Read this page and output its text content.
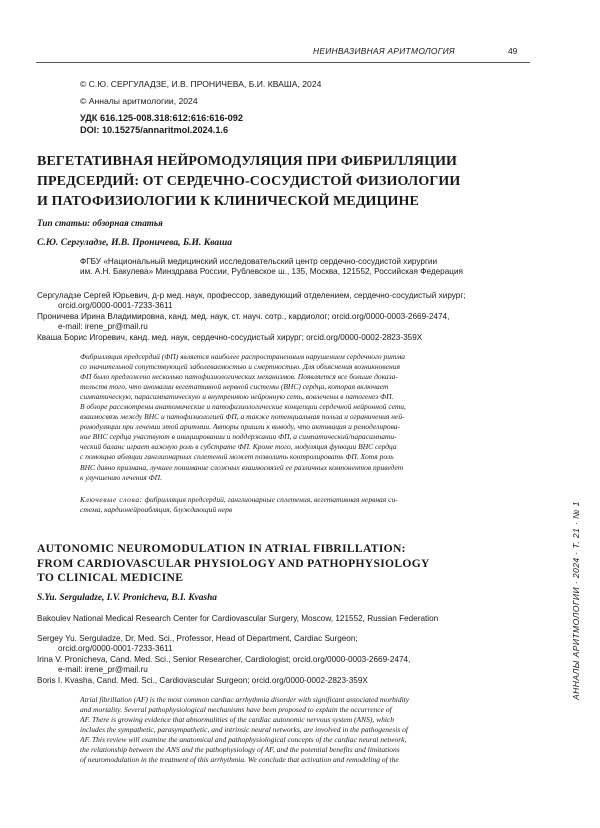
НЕИНВАЗИВНАЯ АРИТМОЛОГИЯ	49
© С.Ю. СЕРГУЛАДЗЕ, И.В. ПРОНИЧЕВА, Б.И. КВАША, 2024
© Анналы аритмологии, 2024
УДК 616.125-008.318:612:616:616-092
DOI: 10.15275/annaritmol.2024.1.6
ВЕГЕТАТИВНАЯ НЕЙРОМОДУЛЯЦИЯ ПРИ ФИБРИЛЛЯЦИИ
ПРЕДСЕРДИЙ: ОТ СЕРДЕЧНО-СОСУДИСТОЙ ФИЗИОЛОГИИ
И ПАТОФИЗИОЛОГИИ К КЛИНИЧЕСКОЙ МЕДИЦИНЕ
Тип статьи: обзорная статья
С.Ю. Сергуладзе, И.В. Проничева, Б.И. Кваша
ФГБУ «Национальный медицинский исследовательский центр сердечно-сосудистой хирургии
им. А.Н. Бакулева» Минздрава России, Рублевское ш., 135, Москва, 121552, Российская Федерация
Сергуладзе Сергей Юрьевич, д-р мед. наук, профессор, заведующий отделением, сердечно-сосудистый хирург;
orcid.org/0000-0001-7233-3611
Проничева Ирина Владимировна, канд. мед. наук, ст. науч. сотр., кардиолог; orcid.org/0000-0003-2669-2474,
e-mail: irene_pr@mail.ru
Кваша Борис Игоревич, канд. мед. наук, сердечно-сосудистый хирург; orcid.org/0000-0002-2823-359X
Фибрилляция предсердий (ФП) является наиболее распространенным нарушением сердечного ритма
со значительной сопутствующей заболеваемостью и смертностью. Для объяснения возникновения
ФП было предложено несколько патофизиологических механизмов. Появляется все больше доказа-
тельств того, что аномалии вегетативной нервной системы (ВНС) сердца, которая включает
симпатическую, парасимпатическую и внутреннюю нейронную сеть, вовлечены в патогенез ФП.
В обзоре рассмотрены анатомические и патофизиологические концепции сердечной нейронной сети,
взаимосвязь между ВНС и патофизиологией ФП, а также потенциальная польза и ограничения ней-
ромодуляции при лечении этой аритмии. Авторы пришли к выводу, что активация и ремоделирова-
ние ВНС сердца участвуют в инициировании и поддержании ФП, а симпатический/парасимпати-
ческий баланс играет важную роль в субстрате ФП. Кроме того, модуляция функции ВНС сердца
с помощью абляции ганглионарных сплетений может позволить контролировать ФП. Хотя роль
ВНС давно признана, лучшее понимание сложных взаимосвязей ее различных компонентов приведет
к улучшению лечения ФП.
Ключевые слова: фибрилляция предсердий, ганглионарные сплетения, вегетативная нервная си-
стема, кардионейроабляция, блуждающий нерв
AUTONOMIC NEUROMODULATION IN ATRIAL FIBRILLATION:
FROM CARDIOVASCULAR PHYSIOLOGY AND PATHOPHYSIOLOGY
TO CLINICAL MEDICINE
S.Yu. Serguladze, I.V. Pronicheva, B.I. Kvasha
Bakoulev National Medical Research Center for Cardiovascular Surgery, Moscow, 121552, Russian Federation
Sergey Yu. Serguladze, Dr. Med. Sci., Professor, Head of Department, Cardiac Surgeon;
orcid.org/0000-0001-7233-3611
Irina V. Pronicheva, Cand. Med. Sci., Senior Researcher, Cardiologist; orcid.org/0000-0003-2669-2474,
e-mail: irene_pr@mail.ru
Boris I. Kvasha, Cand. Med. Sci., Cardiovascular Surgeon; orcid.org/0000-0002-2823-359X
Atrial fibrillation (AF) is the most common cardiac arrhythmia disorder with significant associated morbidity
and mortality. Several pathophysiological mechanisms have been proposed to explain the occurrence of
AF. There is growing evidence that abnormalities of the cardiac autonomic nervous system (ANS), which
includes the sympathetic, parasympathetic, and intrinsic neural networks, are involved in the pathogenesis of
AF. This review will examine the anatomical and pathophysiological concepts of the cardiac neural network,
the relationship between the ANS and the pathophysiology of AF, and the potential benefits and limitations
of neuromodulation in the treatment of this arrhythmia. We conclude that activation and remodeling of the
АННАЛЫ АРИТМОЛОГИИ · 2024 · Т. 21 · № 1
